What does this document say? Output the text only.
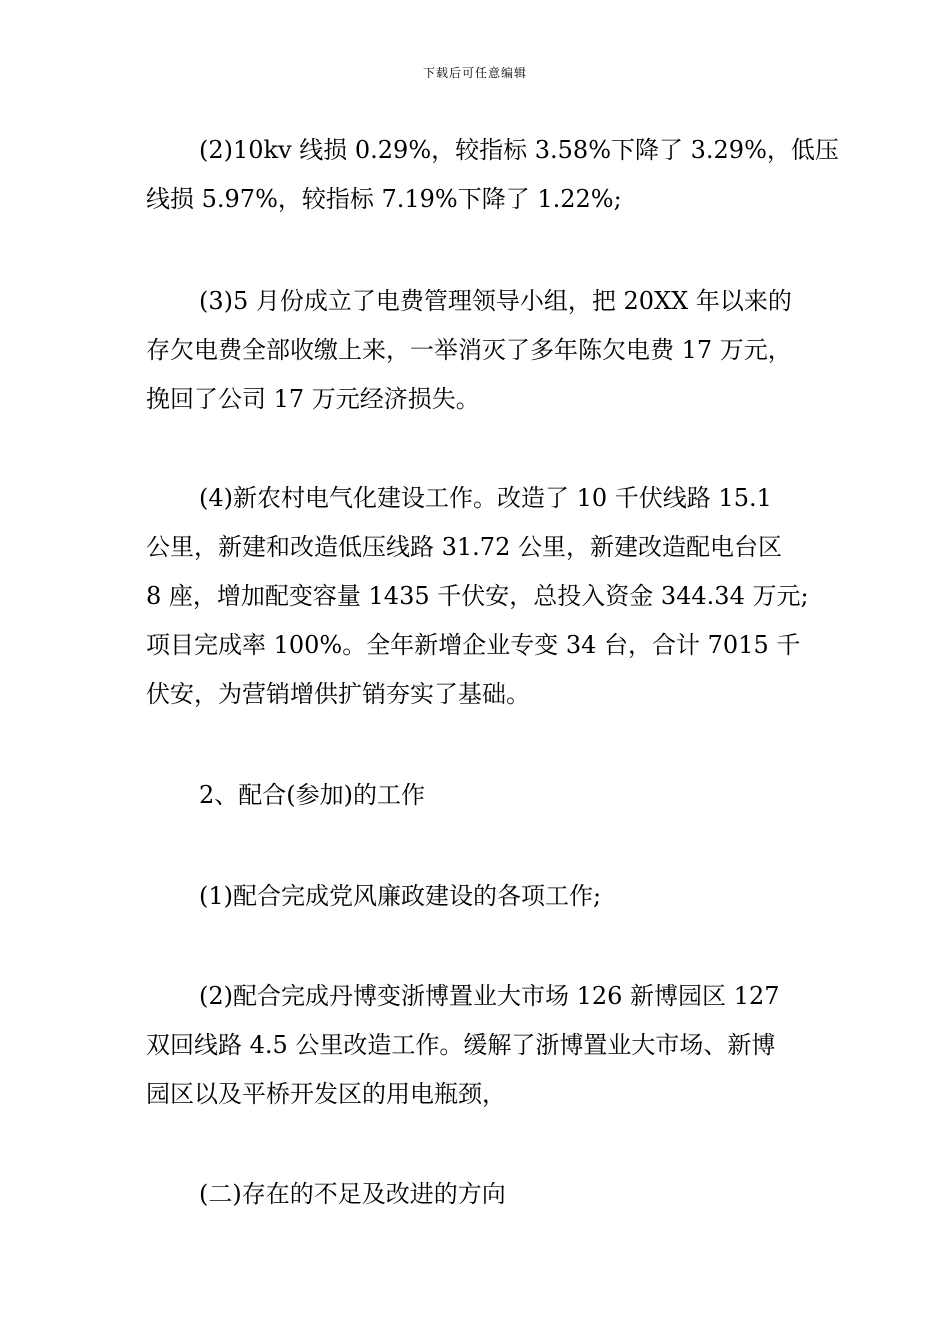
下载后可任意编辑
(2)10kv 线损 0.29%，较指标 3.58%下降了 3.29%，低压
线损 5.97%，较指标 7.19%下降了 1.22%;
(3)5 月份成立了电费管理领导小组，把 20XX 年以来的
存欠电费全部收缴上来，一举消灭了多年陈欠电费 17 万元，
挽回了公司 17 万元经济损失。
(4)新农村电气化建设工作。改造了 10 千伏线路 15.1
公里，新建和改造低压线路 31.72 公里，新建改造配电台区
8 座，增加配变容量 1435 千伏安，总投入资金 344.34 万元;
项目完成率 100%。全年新增企业专变 34 台，合计 7015 千
伏安，为营销增供扩销夯实了基础。
2、配合(参加)的工作
(1)配合完成党风廉政建设的各项工作;
(2)配合完成丹博变浙博置业大市场 126 新博园区 127
双回线路 4.5 公里改造工作。缓解了浙博置业大市场、新博
园区以及平桥开发区的用电瓶颈，
(二)存在的不足及改进的方向
